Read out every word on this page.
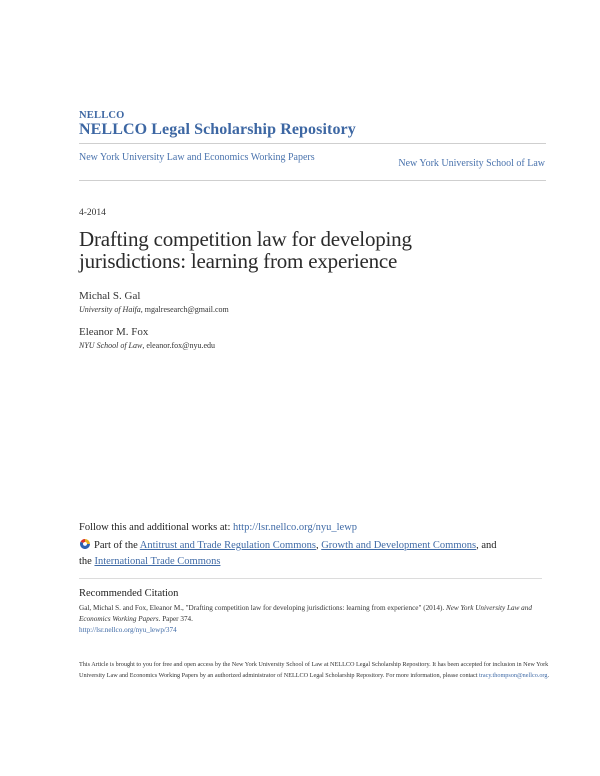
NELLCO
NELLCO Legal Scholarship Repository
New York University Law and Economics Working Papers
New York University School of Law
4-2014
Drafting competition law for developing jurisdictions: learning from experience
Michal S. Gal
University of Haifa, mgalresearch@gmail.com
Eleanor M. Fox
NYU School of Law, eleanor.fox@nyu.edu
Follow this and additional works at: http://lsr.nellco.org/nyu_lewp
Part of the Antitrust and Trade Regulation Commons, Growth and Development Commons, and
the International Trade Commons
Recommended Citation
Gal, Michal S. and Fox, Eleanor M., "Drafting competition law for developing jurisdictions: learning from experience" (2014). New York University Law and Economics Working Papers. Paper 374.
http://lsr.nellco.org/nyu_lewp/374
This Article is brought to you for free and open access by the New York University School of Law at NELLCO Legal Scholarship Repository. It has been accepted for inclusion in New York University Law and Economics Working Papers by an authorized administrator of NELLCO Legal Scholarship Repository. For more information, please contact tracy.thompson@nellco.org.
